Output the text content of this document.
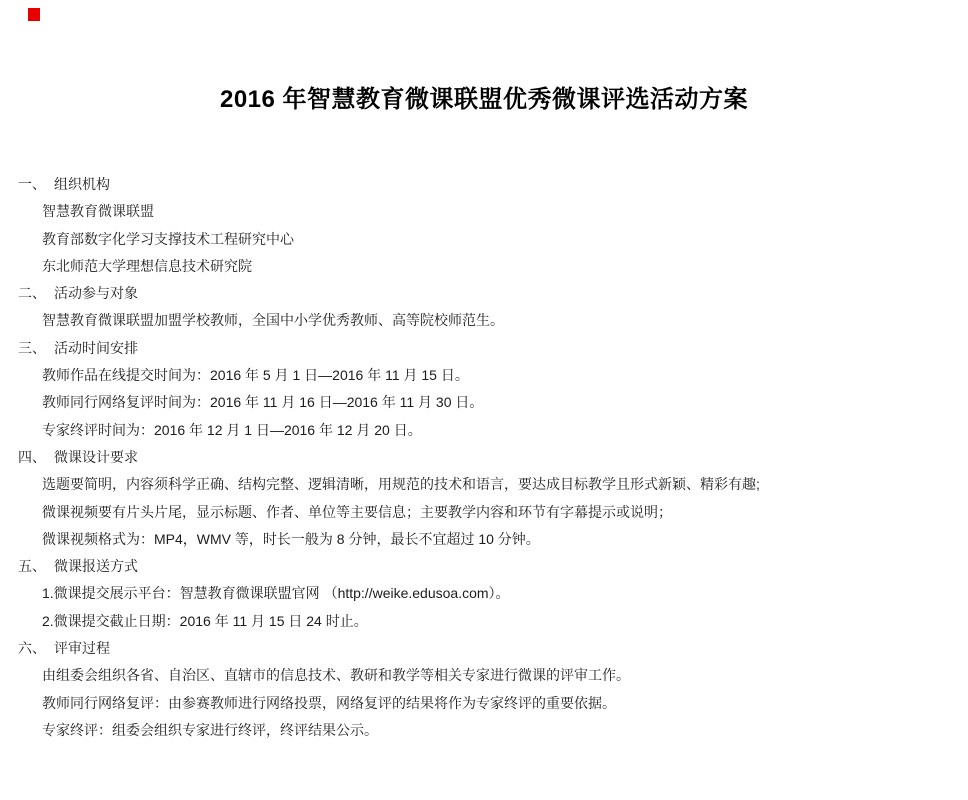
2016 年智慧教育微课联盟优秀微课评选活动方案
一、 组织机构
智慧教育微课联盟
教育部数字化学习支撑技术工程研究中心
东北师范大学理想信息技术研究院
二、 活动参与对象
智慧教育微课联盟加盟学校教师，全国中小学优秀教师、高等院校师范生。
三、 活动时间安排
教师作品在线提交时间为：2016 年 5 月 1 日—2016 年 11 月 15 日。
教师同行网络复评时间为：2016 年 11 月 16 日—2016 年 11 月 30 日。
专家终评时间为：2016 年 12 月 1 日—2016 年 12 月 20 日。
四、 微课设计要求
选题要简明，内容须科学正确、结构完整、逻辑清晰，用规范的技术和语言，要达成目标教学且形式新颖、精彩有趣;
微课视频要有片头片尾，显示标题、作者、单位等主要信息；主要教学内容和环节有字幕提示或说明；
微课视频格式为：MP4，WMV 等，时长一般为 8 分钟，最长不宜超过 10 分钟。
五、 微课报送方式
1.微课提交展示平台：智慧教育微课联盟官网 （http://weike.edusoa.com）。
2.微课提交截止日期：2016 年 11 月 15 日 24 时止。
六、 评审过程
由组委会组织各省、自治区、直辖市的信息技术、教研和教学等相关专家进行微课的评审工作。
教师同行网络复评：由参赛教师进行网络投票，网络复评的结果将作为专家终评的重要依据。
专家终评：组委会组织专家进行终评，终评结果公示。
